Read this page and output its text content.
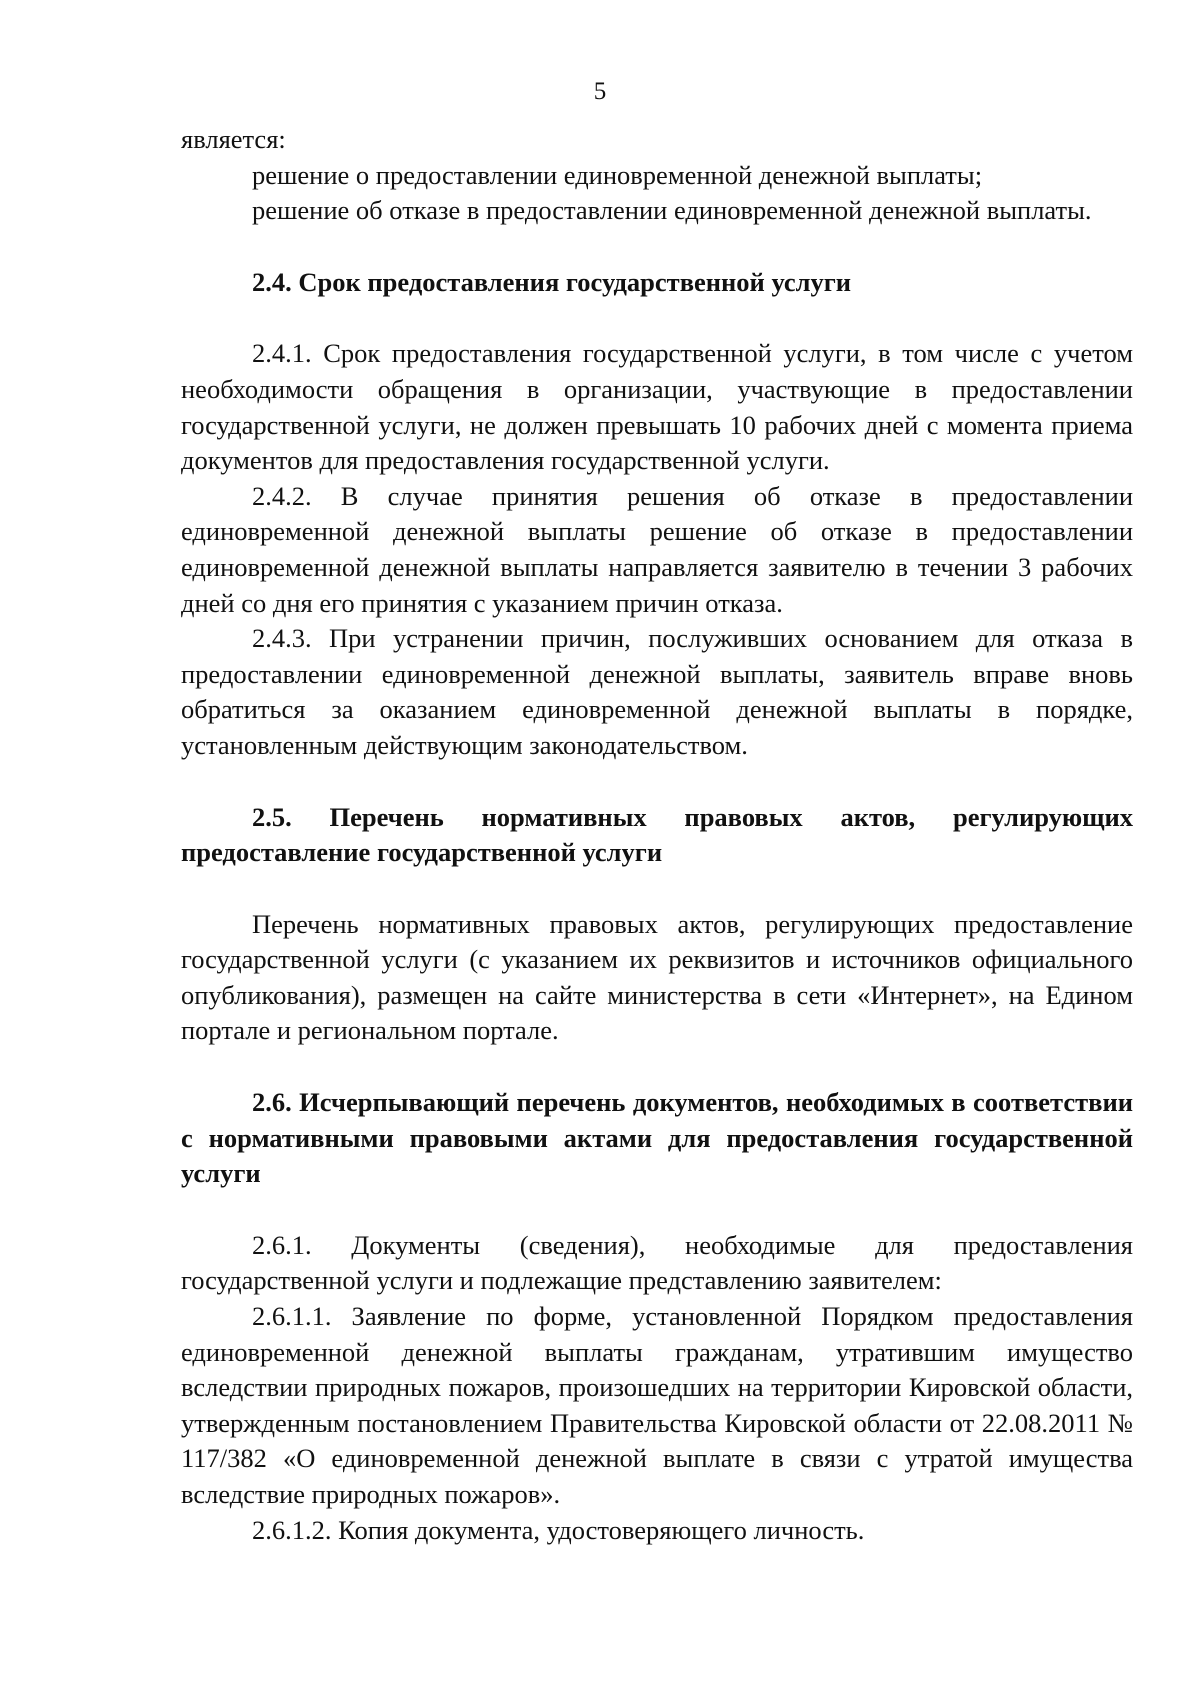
5

является:

решение о предоставлении единовременной денежной выплаты;

решение об отказе в предоставлении единовременной денежной выплаты.

2.4. Срок предоставления государственной услуги

2.4.1. Срок предоставления государственной услуги, в том числе с учетом необходимости обращения в организации, участвующие в предоставлении государственной услуги, не должен превышать 10 рабочих дней с момента приема документов для предоставления государственной услуги.

2.4.2. В случае принятия решения об отказе в предоставлении единовременной денежной выплаты решение об отказе в предоставлении единовременной денежной выплаты направляется заявителю в течении 3 рабочих дней со дня его принятия с указанием причин отказа.

2.4.3. При устранении причин, послуживших основанием для отказа в предоставлении единовременной денежной выплаты, заявитель вправе вновь обратиться за оказанием единовременной денежной выплаты в порядке, установленным действующим законодательством.

2.5. Перечень нормативных правовых актов, регулирующих предоставление государственной услуги

Перечень нормативных правовых актов, регулирующих предоставление государственной услуги (с указанием их реквизитов и источников официального опубликования), размещен на сайте министерства в сети «Интернет», на Едином портале и региональном портале.

2.6. Исчерпывающий перечень документов, необходимых в соответствии с нормативными правовыми актами для предоставления государственной услуги

2.6.1. Документы (сведения), необходимые для предоставления государственной услуги и подлежащие представлению заявителем:

2.6.1.1. Заявление по форме, установленной Порядком предоставления единовременной денежной выплаты гражданам, утратившим имущество вследствии природных пожаров, произошедших на территории Кировской области, утвержденным постановлением Правительства Кировской области от 22.08.2011 № 117/382 «О единовременной денежной выплате в связи с утратой имущества вследствие природных пожаров».

2.6.1.2. Копия документа, удостоверяющего личность.
